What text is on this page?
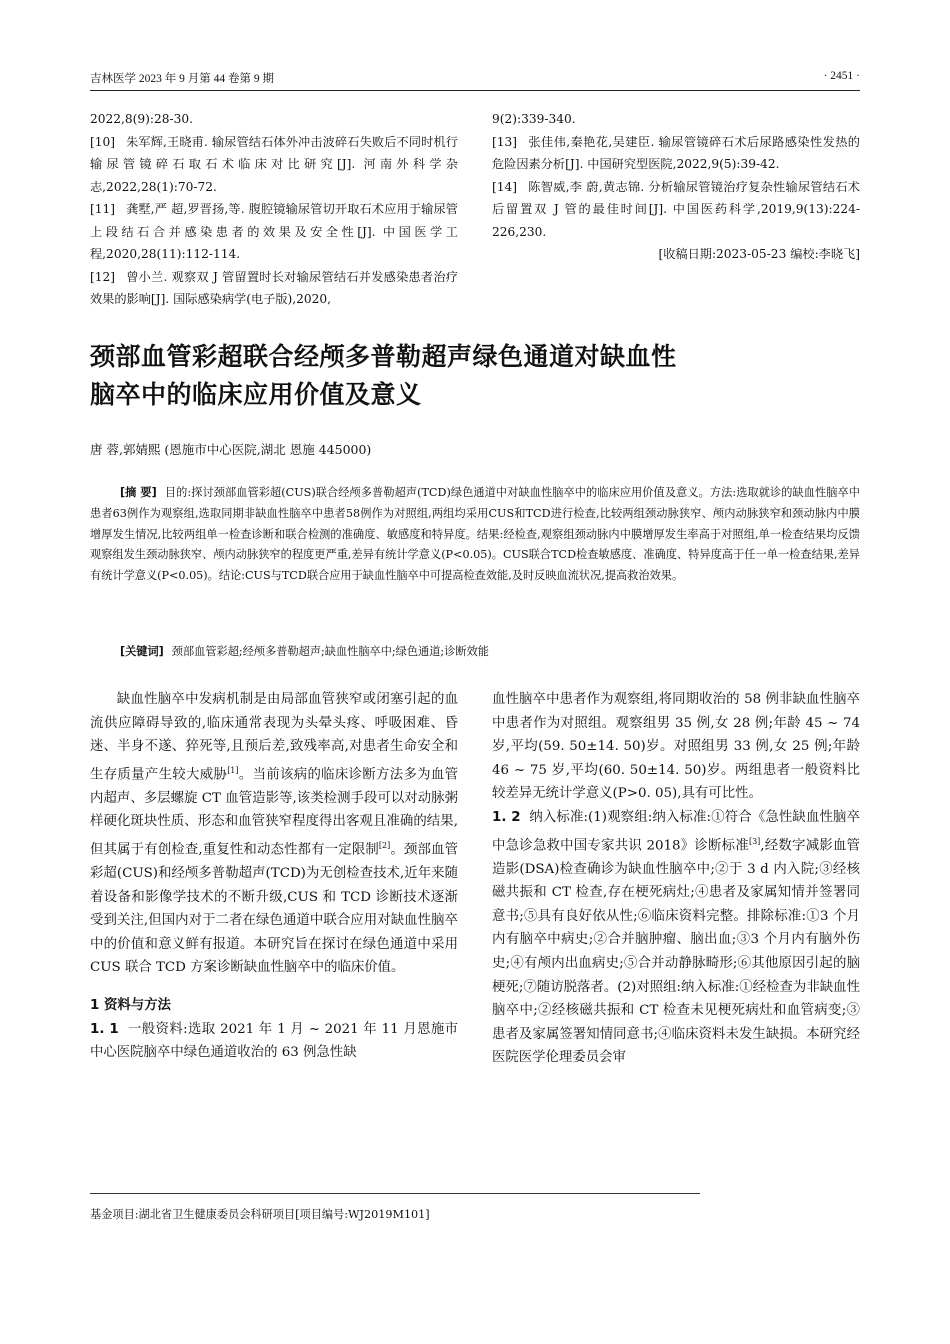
吉林医学 2023 年 9 月第 44 卷第 9 期	· 2451 ·

2022,8(9):28-30.

[10] 朱军辉,王晓甫. 输尿管结石体外冲击波碎石失败后不同时机行输尿管镜碎石取石术临床对比研究[J]. 河南外科学杂志,2022,28(1):70-72.

[11] 龚墅,严 超,罗晋扬,等. 腹腔镜输尿管切开取石术应用于输尿管上段结石合并感染患者的效果及安全性[J]. 中国医学工程,2020,28(11):112-114.

[12] 曾小兰. 观察双 J 管留置时长对输尿管结石并发感染患者治疗效果的影响[J]. 国际感染病学(电子版),2020,

9(2):339-340.

[13] 张佳伟,秦艳花,吴建臣. 输尿管镜碎石术后尿路感染性发热的危险因素分析[J]. 中国研究型医院,2022,9(5):39-42.

[14] 陈智威,李 蔚,黄志锦. 分析输尿管镜治疗复杂性输尿管结石术后留置双 J 管的最佳时间[J]. 中国医药科学,2019,9(13):224-226,230.

[收稿日期:2023-05-23 编校:李晓飞]

颈部血管彩超联合经颅多普勒超声绿色通道对缺血性
脑卒中的临床应用价值及意义
唐 蓉,郭婧熙 (恩施市中心医院,湖北 恩施 445000)
[摘 要] 目的:探讨颈部血管彩超(CUS)联合经颅多普勒超声(TCD)绿色通道中对缺血性脑卒中的临床应用价值及意义。方法:选取就诊的缺血性脑卒中患者63例作为观察组,选取同期非缺血性脑卒中患者58例作为对照组,两组均采用CUS和TCD进行检查,比较两组颈动脉狭窄、颅内动脉狭窄和颈动脉内中膜增厚发生情况,比较两组单一检查诊断和联合检测的准确度、敏感度和特异度。结果:经检查,观察组颈动脉内中膜增厚发生率高于对照组,单一检查结果均反馈观察组发生颈动脉狭窄、颅内动脉狭窄的程度更严重,差异有统计学意义(P<0.05)。CUS联合TCD检查敏感度、准确度、特异度高于任一单一检查结果,差异有统计学意义(P<0.05)。结论:CUS与TCD联合应用于缺血性脑卒中可提高检查效能,及时反映血流状况,提高救治效果。
[关键词] 颈部血管彩超;经颅多普勒超声;缺血性脑卒中;绿色通道;诊断效能

缺血性脑卒中发病机制是由局部血管狭窄或闭塞引起的血流供应障碍导致的,临床通常表现为头晕头疼、呼吸困难、昏迷、半身不遂、猝死等,且预后差,致残率高,对患者生命安全和生存质量产生较大威胁[1]。当前该病的临床诊断方法多为血管内超声、多层螺旋 CT 血管造影等,该类检测手段可以对动脉粥样硬化斑块性质、形态和血管狭窄程度得出客观且准确的结果,但其属于有创检查,重复性和动态性都有一定限制[2]。颈部血管彩超(CUS)和经颅多普勒超声(TCD)为无创检查技术,近年来随着设备和影像学技术的不断升级,CUS 和 TCD 诊断技术逐渐受到关注,但国内对于二者在绿色通道中联合应用对缺血性脑卒中的价值和意义鲜有报道。本研究旨在探讨在绿色通道中采用 CUS 联合 TCD 方案诊断缺血性脑卒中的临床价值。

1 资料与方法

1. 1 一般资料:选取 2021 年 1 月 ~ 2021 年 11 月恩施市中心医院脑卒中绿色通道收治的 63 例急性缺

血性脑卒中患者作为观察组,将同期收治的 58 例非缺血性脑卒中患者作为对照组。观察组男 35 例,女 28 例;年龄 45 ~ 74 岁,平均(59. 50±14. 50)岁。对照组男 33 例,女 25 例;年龄 46 ~ 75 岁,平均(60. 50±14. 50)岁。两组患者一般资料比较差异无统计学意义(P>0. 05),具有可比性。

1. 2 纳入标准:(1)观察组:纳入标准:①符合《急性缺血性脑卒中急诊急救中国专家共识 2018》诊断标准[3],经数字减影血管造影(DSA)检查确诊为缺血性脑卒中;②于 3 d 内入院;③经核磁共振和 CT 检查,存在梗死病灶;④患者及家属知情并签署同意书;⑤具有良好依从性;⑥临床资料完整。排除标准:①3 个月内有脑卒中病史;②合并脑肿瘤、脑出血;③3 个月内有脑外伤史;④有颅内出血病史;⑤合并动静脉畸形;⑥其他原因引起的脑梗死;⑦随访脱落者。(2)对照组:纳入标准:①经检查为非缺血性脑卒中;②经核磁共振和 CT 检查未见梗死病灶和血管病变;③患者及家属签署知情同意书;④临床资料未发生缺损。本研究经医院医学伦理委员会审

基金项目:湖北省卫生健康委员会科研项目[项目编号:WJ2019M101]
